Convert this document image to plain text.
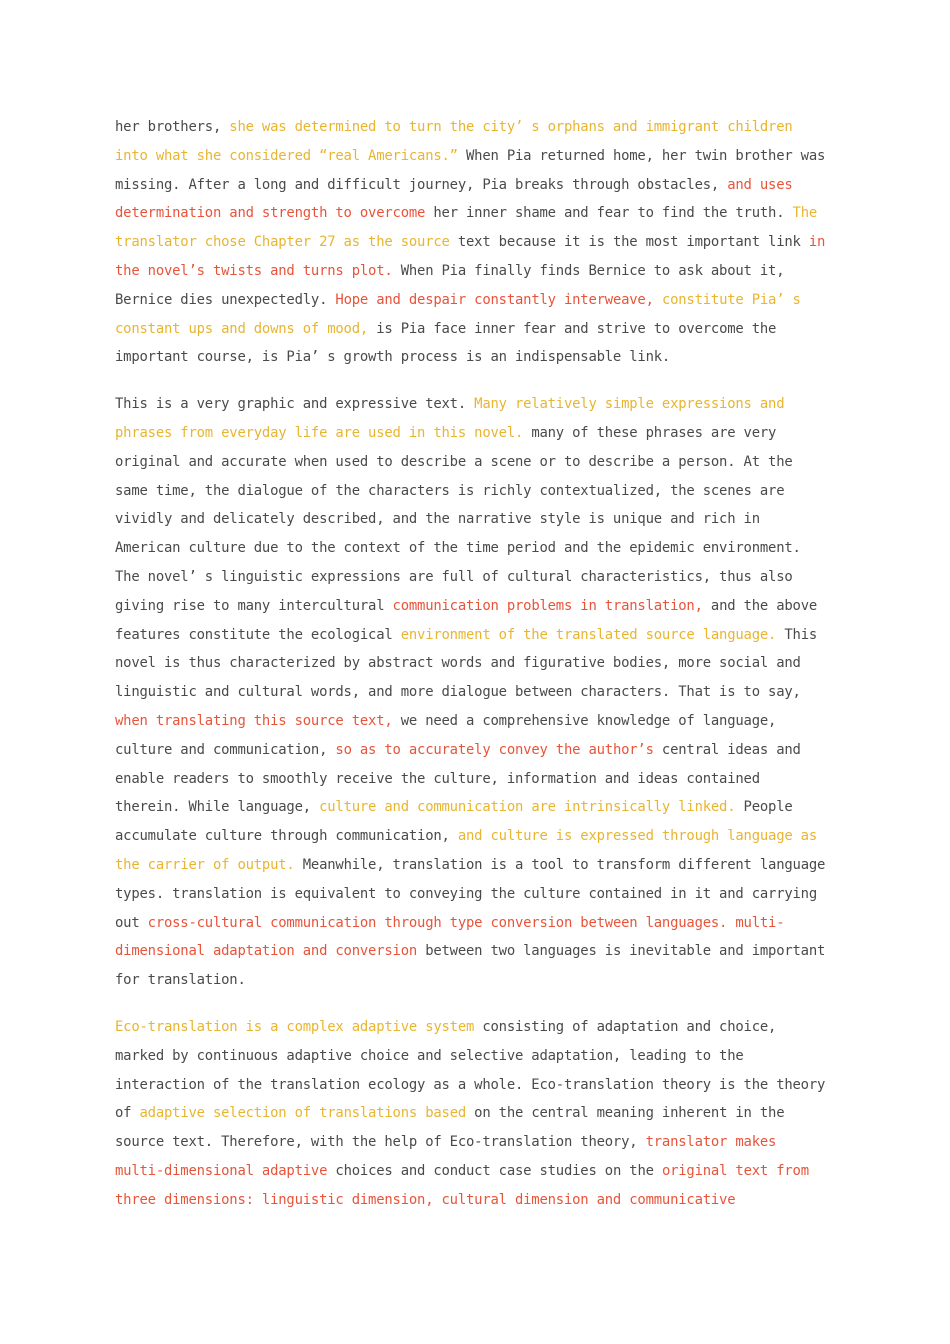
her brothers, she was determined to turn the city’ s orphans and immigrant children into what she considered “real Americans.” When Pia returned home, her twin brother was missing. After a long and difficult journey, Pia breaks through obstacles, and uses determination and strength to overcome her inner shame and fear to find the truth. The translator chose Chapter 27 as the source text because it is the most important link in the novel’s twists and turns plot. When Pia finally finds Bernice to ask about it, Bernice dies unexpectedly. Hope and despair constantly interweave, constitute Pia’ s constant ups and downs of mood, is Pia face inner fear and strive to overcome the important course, is Pia’ s growth process is an indispensable link.

This is a very graphic and expressive text. Many relatively simple expressions and phrases from everyday life are used in this novel. many of these phrases are very original and accurate when used to describe a scene or to describe a person. At the same time, the dialogue of the characters is richly contextualized, the scenes are vividly and delicately described, and the narrative style is unique and rich in American culture due to the context of the time period and the epidemic environment. The novel’ s linguistic expressions are full of cultural characteristics, thus also giving rise to many intercultural communication problems in translation, and the above features constitute the ecological environment of the translated source language. This novel is thus characterized by abstract words and figurative bodies, more social and linguistic and cultural words, and more dialogue between characters. That is to say, when translating this source text, we need a comprehensive knowledge of language, culture and communication, so as to accurately convey the author’s central ideas and enable readers to smoothly receive the culture, information and ideas contained therein. While language, culture and communication are intrinsically linked. People accumulate culture through communication, and culture is expressed through language as the carrier of output. Meanwhile, translation is a tool to transform different language types. translation is equivalent to conveying the culture contained in it and carrying out cross-cultural communication through type conversion between languages. multi-dimensional adaptation and conversion between two languages is inevitable and important for translation.

Eco-translation is a complex adaptive system consisting of adaptation and choice, marked by continuous adaptive choice and selective adaptation, leading to the interaction of the translation ecology as a whole. Eco-translation theory is the theory of adaptive selection of translations based on the central meaning inherent in the source text. Therefore, with the help of Eco-translation theory, translator makes multi-dimensional adaptive choices and conduct case studies on the original text from three dimensions: linguistic dimension, cultural dimension and communicative
